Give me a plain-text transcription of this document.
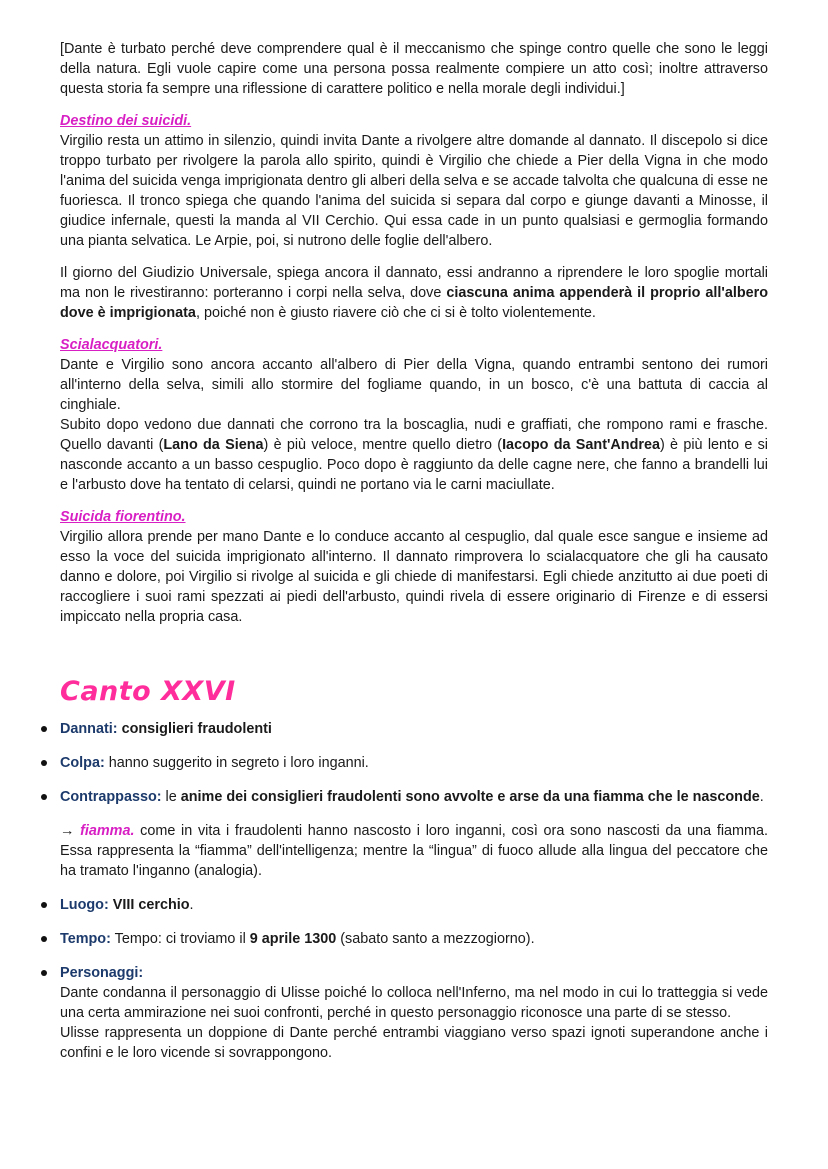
[Dante è turbato perché deve comprendere qual è il meccanismo che spinge contro quelle che sono le leggi della natura. Egli vuole capire come una persona possa realmente compiere un atto così; inoltre attraverso questa storia fa sempre una riflessione di carattere politico e nella morale degli individui.]

Destino dei suicidi.

Virgilio resta un attimo in silenzio, quindi invita Dante a rivolgere altre domande al dannato. Il discepolo si dice troppo turbato per rivolgere la parola allo spirito, quindi è Virgilio che chiede a Pier della Vigna in che modo l'anima del suicida venga imprigionata dentro gli alberi della selva e se accade talvolta che qualcuna di esse ne fuoriesca. Il tronco spiega che quando l'anima del suicida si separa dal corpo e giunge davanti a Minosse, il giudice infernale, questi la manda al VII Cerchio. Qui essa cade in un punto qualsiasi e germoglia formando una pianta selvatica. Le Arpie, poi, si nutrono delle foglie dell'albero.

Il giorno del Giudizio Universale, spiega ancora il dannato, essi andranno a riprendere le loro spoglie mortali ma non le rivestiranno: porteranno i corpi nella selva, dove ciascuna anima appenderà il proprio all'albero dove è imprigionata, poiché non è giusto riavere ciò che ci si è tolto violentemente.

Scialacquatori.

Dante e Virgilio sono ancora accanto all'albero di Pier della Vigna, quando entrambi sentono dei rumori all'interno della selva, simili allo stormire del fogliame quando, in un bosco, c'è una battuta di caccia al cinghiale.

Subito dopo vedono due dannati che corrono tra la boscaglia, nudi e graffiati, che rompono rami e frasche. Quello davanti (Lano da Siena) è più veloce, mentre quello dietro (Iacopo da Sant'Andrea) è più lento e si nasconde accanto a un basso cespuglio. Poco dopo è raggiunto da delle cagne nere, che fanno a brandelli lui e l'arbusto dove ha tentato di celarsi, quindi ne portano via le carni maciullate.

Suicida fiorentino.

Virgilio allora prende per mano Dante e lo conduce accanto al cespuglio, dal quale esce sangue e insieme ad esso la voce del suicida imprigionato all'interno. Il dannato rimprovera lo scialacquatore che gli ha causato danno e dolore, poi Virgilio si rivolge al suicida e gli chiede di manifestarsi. Egli chiede anzitutto ai due poeti di raccogliere i suoi rami spezzati ai piedi dell'arbusto, quindi rivela di essere originario di Firenze e di essersi impiccato nella propria casa.

Canto XXVI

Dannati: consiglieri fraudolenti

Colpa: hanno suggerito in segreto i loro inganni.

Contrappasso: le anime dei consiglieri fraudolenti sono avvolte e arse da una fiamma che le nasconde.

→ fiamma. come in vita i fraudolenti hanno nascosto i loro inganni, così ora sono nascosti da una fiamma. Essa rappresenta la “fiamma” dell'intelligenza; mentre la “lingua” di fuoco allude alla lingua del peccatore che ha tramato l'inganno (analogia).

Luogo: VIII cerchio.

Tempo: Tempo: ci troviamo il 9 aprile 1300 (sabato santo a mezzogiorno).

Personaggi:

Dante condanna il personaggio di Ulisse poiché lo colloca nell'Inferno, ma nel modo in cui lo tratteggia si vede una certa ammirazione nei suoi confronti, perché in questo personaggio riconosce una parte di se stesso.

Ulisse rappresenta un doppione di Dante perché entrambi viaggiano verso spazi ignoti superandone anche i confini e le loro vicende si sovrappongono.
